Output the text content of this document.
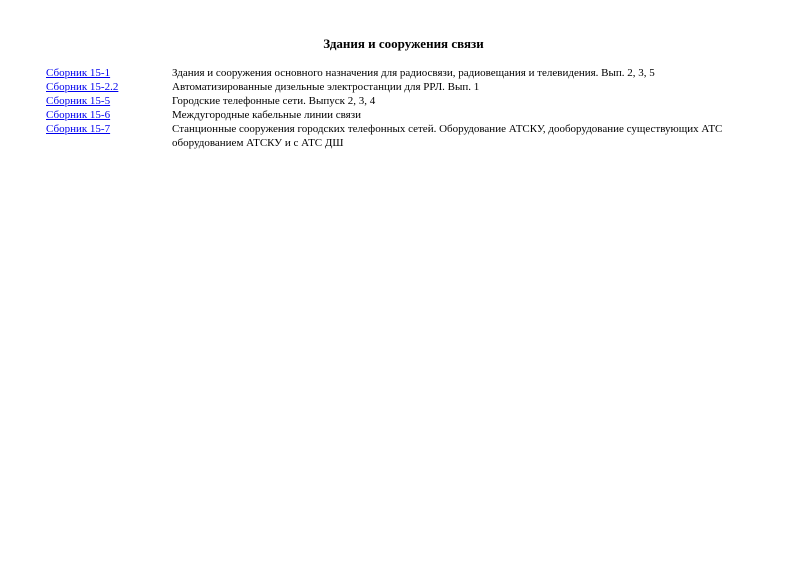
Здания и сооружения связи
Сборник 15-1	Здания и сооружения основного назначения для радиосвязи, радиовещания и телевидения. Вып. 2, 3, 5
Сборник 15-2.2	Автоматизированные дизельные электростанции для РРЛ. Вып. 1
Сборник 15-5	Городские телефонные сети. Выпуск 2, 3, 4
Сборник 15-6	Междугородные кабельные линии связи
Сборник 15-7	Станционные сооружения городских телефонных сетей. Оборудование АТСКУ, дооборудование существующих АТС оборудованием АТСКУ и с АТС ДШ
